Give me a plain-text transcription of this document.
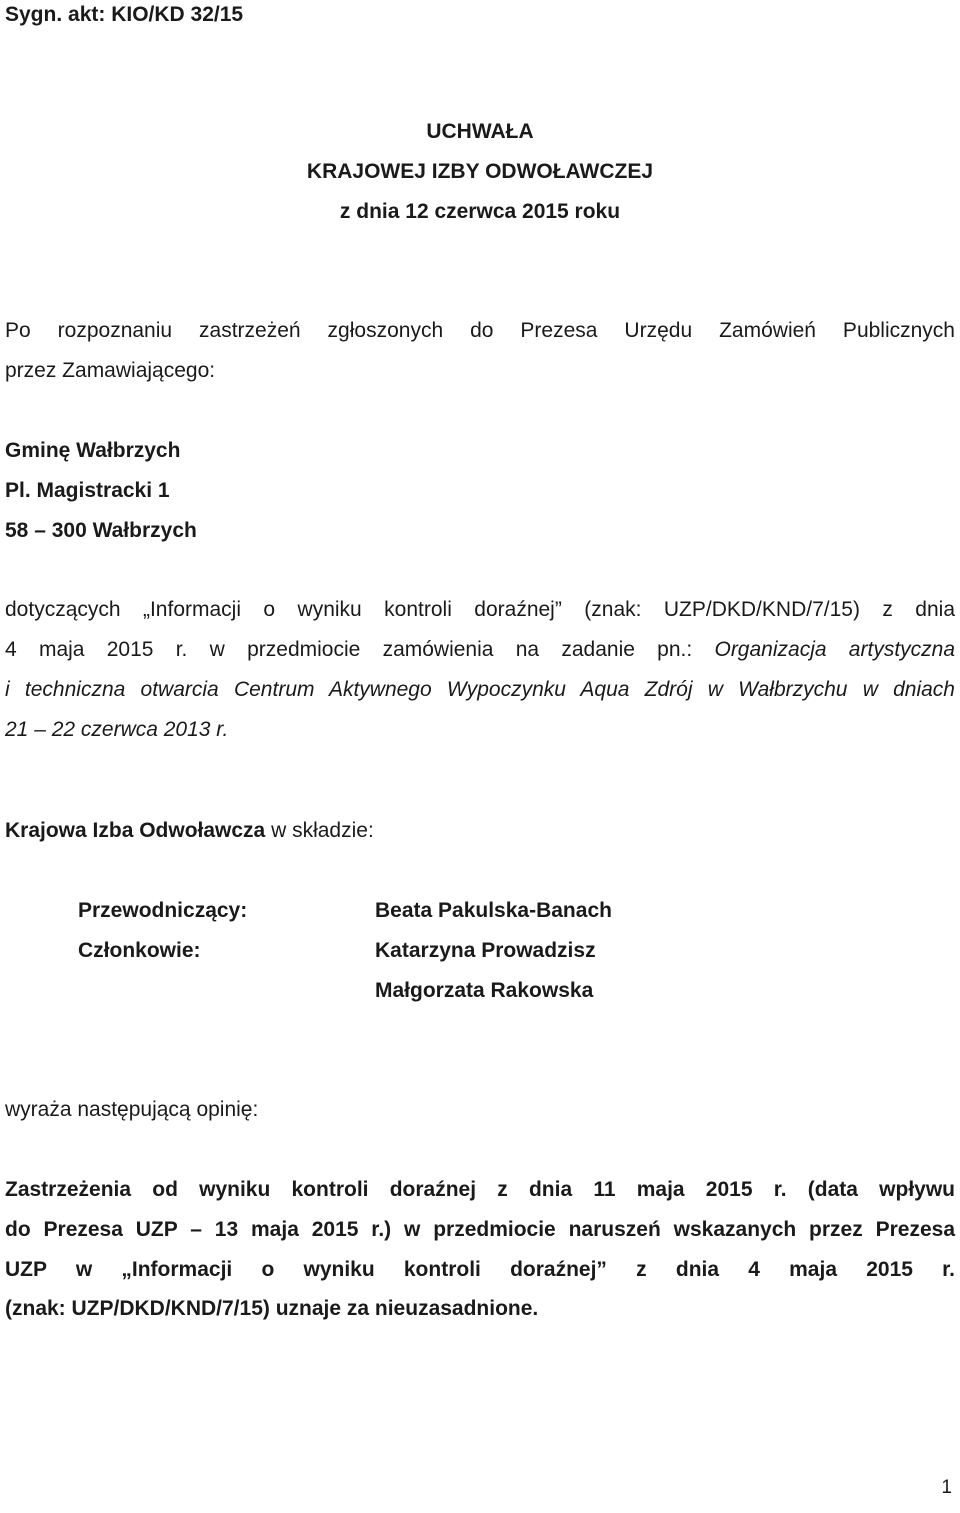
Sygn. akt: KIO/KD 32/15
UCHWAŁA
KRAJOWEJ IZBY ODWOŁAWCZEJ
z dnia 12 czerwca 2015 roku
Po rozpoznaniu zastrzeżeń zgłoszonych do Prezesa Urzędu Zamówień Publicznych
przez Zamawiającego:
Gminę Wałbrzych
Pl. Magistracki 1
58 – 300 Wałbrzych
dotyczących „Informacji o wyniku kontroli doraźnej” (znak: UZP/DKD/KND/7/15) z dnia
4 maja 2015 r. w przedmiocie zamówienia na zadanie pn.: Organizacja artystyczna
i techniczna otwarcia Centrum Aktywnego Wypoczynku Aqua Zdrój w Wałbrzychu w dniach
21 – 22 czerwca 2013 r.
Krajowa Izba Odwoławcza w składzie:
Przewodniczący:
Członkowie:
Beata Pakulska-Banach
Katarzyna Prowadzisz
Małgorzata Rakowska
wyraża następującą opinię:
Zastrzeżenia od wyniku kontroli doraźnej z dnia 11 maja 2015 r. (data wpływu
do Prezesa UZP – 13 maja 2015 r.) w przedmiocie naruszeń wskazanych przez Prezesa
UZP w „Informacji o wyniku kontroli doraźnej” z dnia 4 maja 2015 r.
(znak: UZP/DKD/KND/7/15) uznaje za nieuzasadnione.
1
